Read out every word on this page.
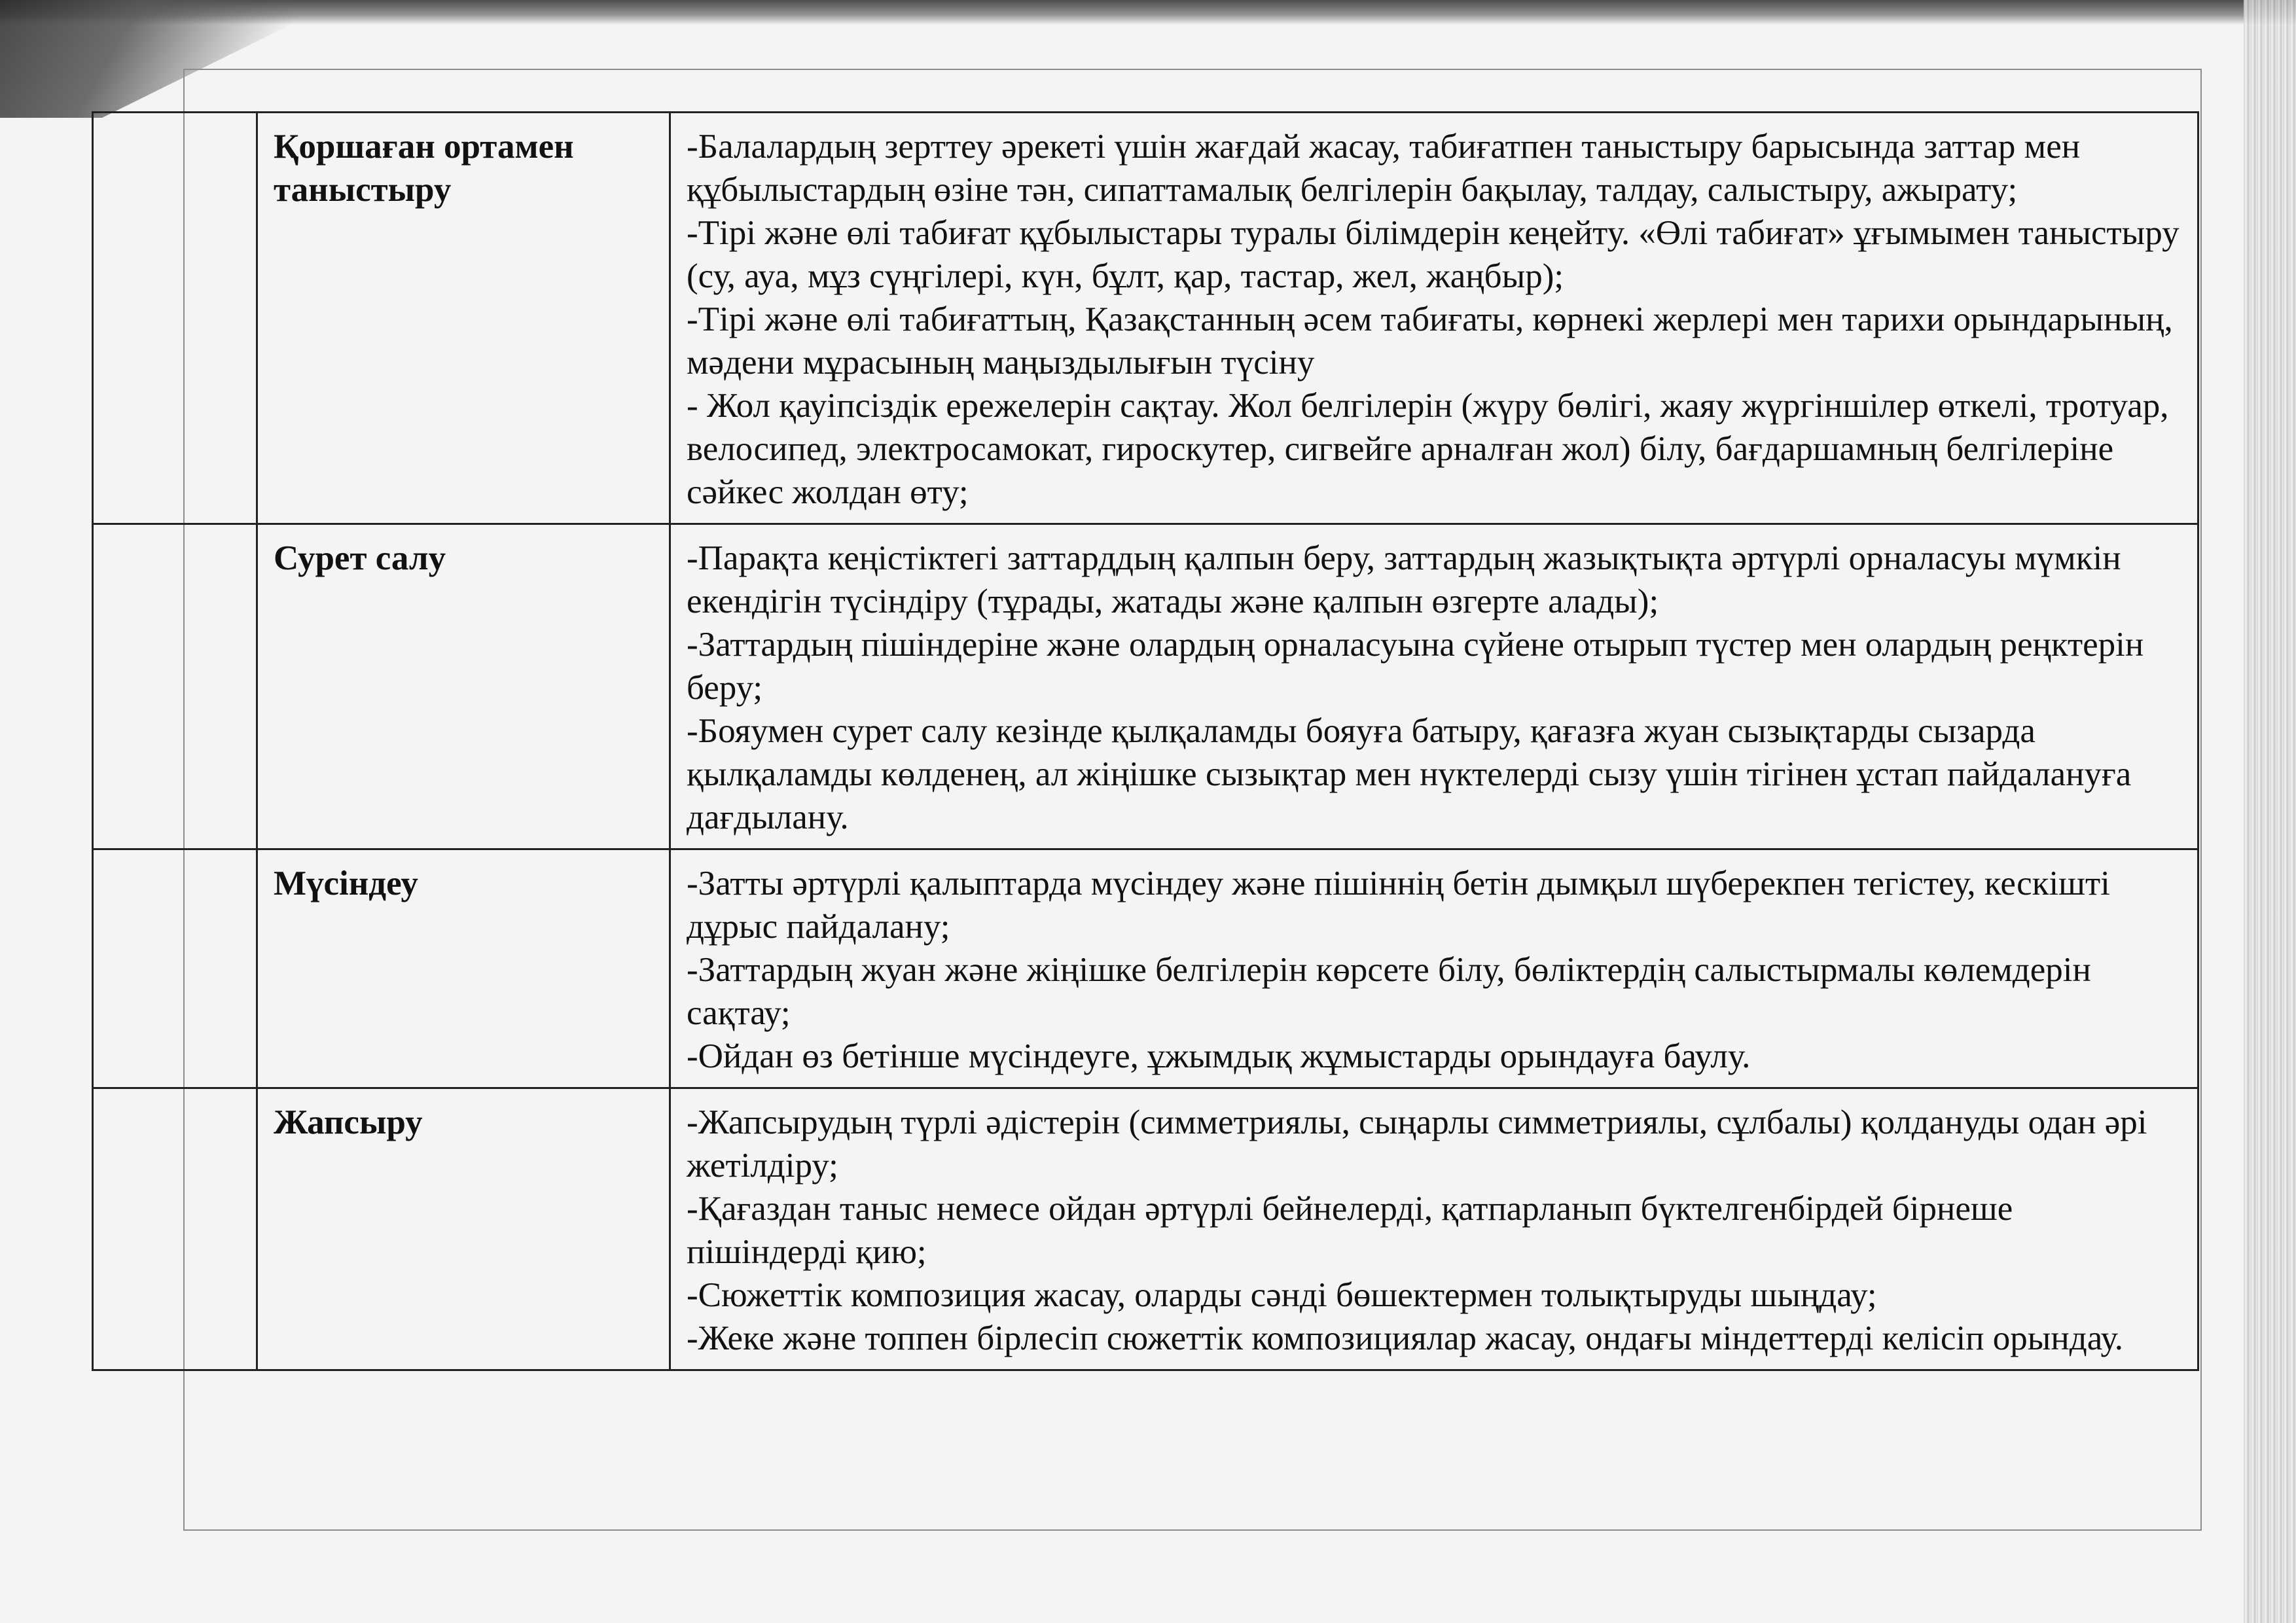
	Қоршаған ортамен таныстыру	-Балалардың зерттеу әрекеті үшін жағдай жасау, табиғатпен таныстыру барысында заттар мен құбылыстардың өзіне тән, сипаттамалық белгілерін бақылау, талдау, салыстыру, ажырату;
-Тірі және өлі табиғат құбылыстары туралы білімдерін кеңейту. «Өлі табиғат» ұғымымен таныстыру (су, ауа, мұз сүңгілері, күн, бұлт, қар, тастар, жел, жаңбыр);
-Тірі және өлі табиғаттың, Қазақстанның әсем табиғаты, көрнекі жерлері мен тарихи орындарының, мәдени мұрасының маңыздылығын түсіну
- Жол қауіпсіздік ережелерін сақтау. Жол белгілерін (жүру бөлігі, жаяу жүргіншілер өткелі, тротуар, велосипед, электросамокат, гироскутер, сигвейге арналған жол) білу, бағдаршамның белгілеріне сәйкес жолдан өту;

	Сурет салу	-Парақта кеңістіктегі заттарддың қалпын беру, заттардың жазықтықта әртүрлі орналасуы мүмкін екендігін түсіндіру (тұрады, жатады және қалпын өзгерте алады);
-Заттардың пішіндеріне және олардың орналасуына сүйене отырып түстер мен олардың реңктерін беру;
-Бояумен сурет салу кезінде қылқаламды бояуға батыру, қағазға жуан сызықтарды сызарда қылқаламды көлденең, ал жіңішке сызықтар мен нүктелерді сызу үшін тігінен ұстап пайдалануға дағдылану.

	Мүсіндеу	-Затты әртүрлі қалыптарда мүсіндеу және пішіннің бетін дымқыл шүберекпен тегістеу, кескішті дұрыс пайдалану;
-Заттардың жуан және жіңішке белгілерін көрсете білу, бөліктердің салыстырмалы көлемдерін сақтау;
-Ойдан өз бетінше мүсіндеуге, ұжымдық жұмыстарды орындауға баулу.

	Жапсыру	-Жапсырудың түрлі әдістерін (симметриялы, сыңарлы симметриялы, сұлбалы) қолдануды одан әрі жетілдіру;
-Қағаздан таныс немесе ойдан әртүрлі бейнелерді, қатпарланып бүктелгенбірдей бірнеше пішіндерді қию;
-Сюжеттік композиция жасау, оларды сәнді бөшектермен толықтыруды шыңдау;
-Жеке және топпен бірлесіп сюжеттік композициялар жасау, ондағы міндеттерді келісіп орындау.
